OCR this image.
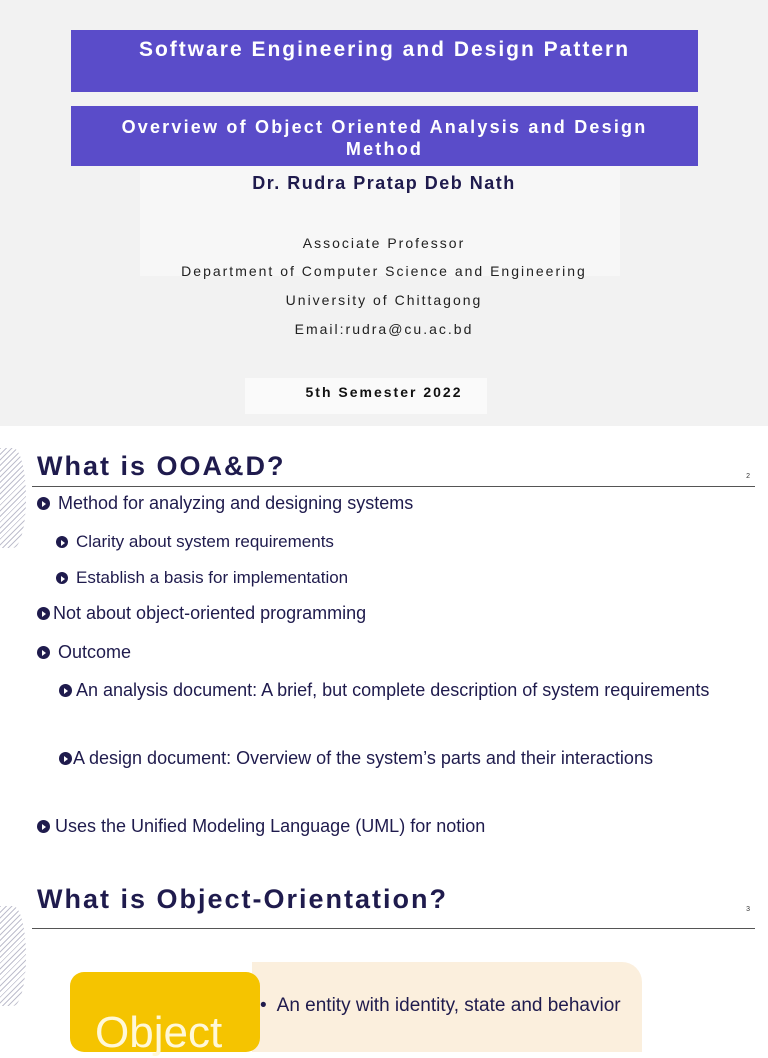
Software Engineering and Design Pattern
Overview of Object Oriented Analysis and Design Method
Dr. Rudra Pratap Deb Nath
Associate Professor
Department of Computer Science and Engineering
University of Chittagong
Email:rudra@cu.ac.bd
5th Semester 2022
What is OOA&D?	2
Method for analyzing and designing systems
Clarity about system requirements
Establish a basis for implementation
Not about object-oriented programming
Outcome
An analysis document: A brief, but complete description of system requirements
A design document: Overview of the system’s parts and their interactions
Uses the Unified Modeling Language (UML) for notion
What is Object-Orientation?	3
Object
• An entity with identity, state and behavior
